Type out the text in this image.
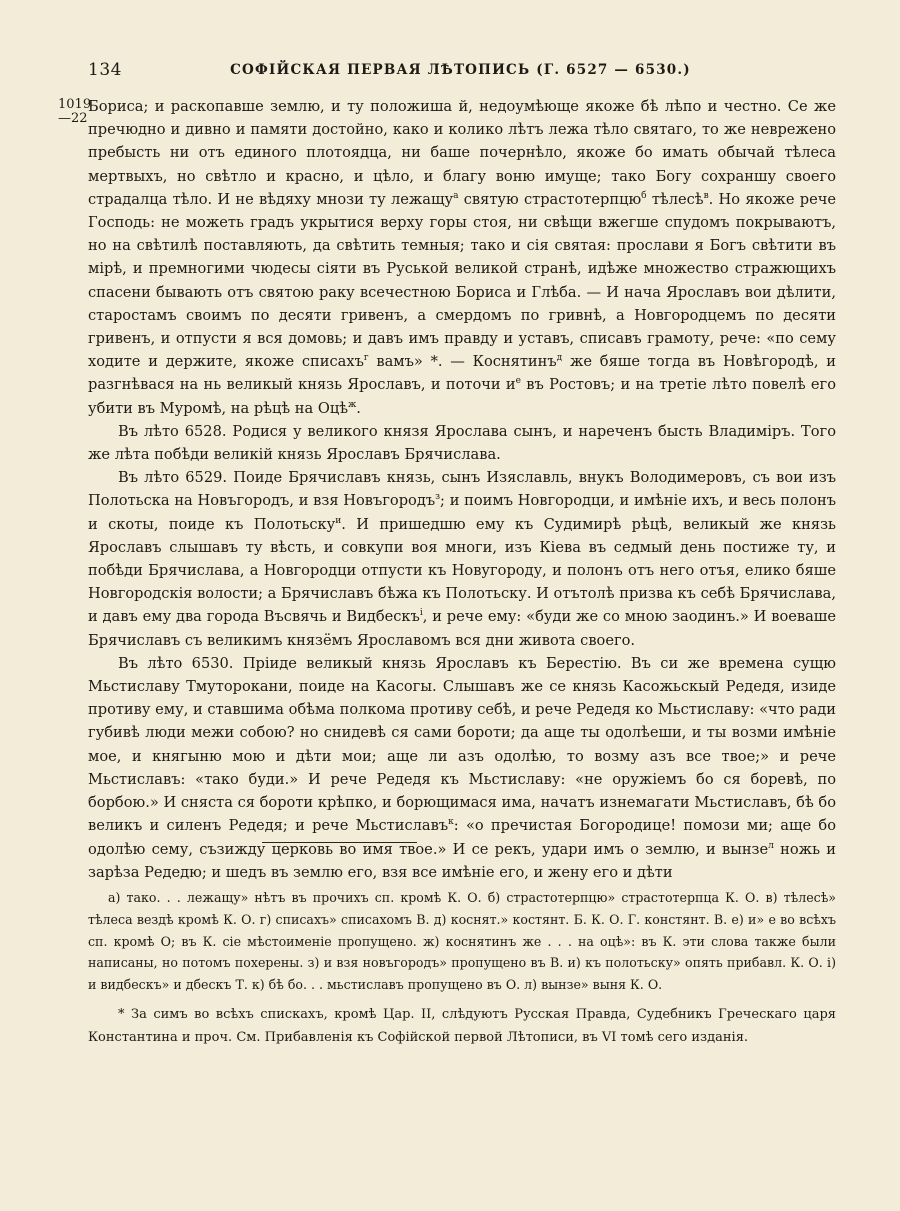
134	СОФІЙСКАЯ ПЕРВАЯ ЛѢТОПИСЬ (Г. 6527 — 6530.)
1019 —22

Бориса; и раскопавше землю, и ту положиша й, недоумѣюще якоже бѣ лѣпо и честно. Се же пречюдно и дивно и памяти достойно, како и колико лѣтъ лежа тѣло святаго, то же невреженo пребысть ни отъ единого плотоядца, ни баше почернѣло, якоже бо имать обычай тѣлеса мертвыхъ, но свѣтло и красно, и цѣло, и благу воню имуще; тако Богу сохраншу своего страдалца тѣло. И не вѣдяху мнози ту лежащу$^а$ святую страстотерпцю$^б$ тѣлесѣ$^в$. Но якоже рече Господь: не можеть градъ укрытися верху горы стоя, ни свѣщи вжегше спудомъ покрываютъ, но на свѣтилѣ поставляють, да свѣтить темныя; тако и сія святая: прослави я Богъ свѣтити въ мірѣ, и премногими чюдесы сіяти въ Руськой великой странѣ, идѣже множество стражющихъ спасени бывають отъ святою раку всечестною Бориса и Глѣба. — И нача Ярославъ вои дѣлити, старостамъ своимъ по десяти гривенъ, а смердомъ по гривнѣ, а Новгородцемъ по десяти гривенъ, и отпусти я вся домовь; и давъ имъ правду и уставъ, списавъ грамоту, рече: «по сему ходите и держите, якоже списахъ$^г$ вамъ» *. — Коснятинъ$^д$ же бяше тогда въ Новѣгородѣ, и разгнѣвася на нь великый князь Ярославъ, и поточи $и^е$ въ Ростовъ; и на третіе лѣто повелѣ его убити въ Муромѣ, на рѣцѣ на Оцѣ$^ж$.

Въ лѣто 6528. Родися у великого князя Ярослава сынъ, и нареченъ бысть Владиміръ. Того же лѣта побѣди великій князь Ярославъ Брячислава.

Въ лѣто 6529. Поиде Брячиславъ князь, сынъ Изяславль, внукъ Володимеровъ, съ вои изъ Полотьска на Новъгородъ, и взя Новъгородъ$^з$; и поимъ Новгородци, и имѣніе ихъ, и весь полонъ и скоты, поиде къ Полотьску$^и$. И пришедшю ему къ Судимирѣ рѣцѣ, великый же князь Ярославъ слышавъ ту вѣсть, и совкупи воя многи, изъ Кіева въ седмый день постиже ту, и побѣди Брячислава, а Новгородци отпусти къ Новугороду, и полонъ отъ него отъя, елико бяше Новгородскія волости; а Брячиславъ бѣжа къ Полотьску. И отътолѣ призва къ себѣ Брячислава, и давъ ему два города Въсвячь и Видбескъ$^і$, и рече ему: «буди же со мною заодинъ.» И воеваше Брячиславъ съ великимъ князёмъ Ярославомъ вся дни живота своего.

Въ лѣто 6530. Пріиде великый князь Ярославъ къ Берестію. Въ си же времена сущю Мьстиславу Тмуторокани, поиде на Касогы. Слышавъ же се князь Касожьскый Редедя, изиде противу ему, и ставшима обѣма полкома противу себѣ, и рече Редедя ко Мьстиславу: «что ради губивѣ люди межи собою? но снидевѣ ся сами бороти; да аще ты одолѣеши, и ты возми имѣніе мое, и княгыню мою и дѣти мои; аще ли азъ одолѣю, то возму азъ все твое;» и рече Мьстиславъ: «тако буди.» И рече Редедя къ Мьстиславу: «не оружіемъ бо ся боревѣ, по борбою.» И сняста ся бороти крѣпко, и борющимася има, начатъ изнемагати Мьстиславъ, бѣ бо великъ и силенъ Редедя; и рече Мьстиславъ$^к$: «о пречистая Богородице! помози ми; аще бо одолѣю сему, съзижду церковь во имя твое.» И се рекъ, удари имъ о землю, и вынзе$^л$ ножь и зарѣза Редедю; и шедъ въ землю его, взя все имѣніе его, и жену его и дѣти

а) тако. . . лежащу» нѣтъ въ прочихъ сп. кромѣ К. О. б) страстотерпцю» страстотерпца К. О. в) тѣлесѣ» тѣлеса вездѣ кромѣ К. О. г) списахъ» списахомъ В. д) коснят.» костянт. Б. К. О. Г. констянт. В. е) и» е во всѣхъ сп. кромѣ О; въ К. сіе мѣстоименіе пропущено. ж) коснятинъ же . . . на оцѣ»: въ К. эти слова также были написаны, но потомъ похерены. з) и взя новъгородъ» пропущено въ В. и) къ полотьску» опять прибавл. К. О. і) и видбескъ» и дбескъ Т. к) бѣ бо. . . мьстиславъ пропущено въ О. л) вынзе» выня К. О.

* За симъ во всѣхъ спискахъ, кромѣ Цар. II, слѣдуютъ Русская Правда, Судебникъ Греческаго царя Константина и проч. См. Прибавленія къ Софійской первой Лѣтописи, въ VI томѣ сего изданія.
